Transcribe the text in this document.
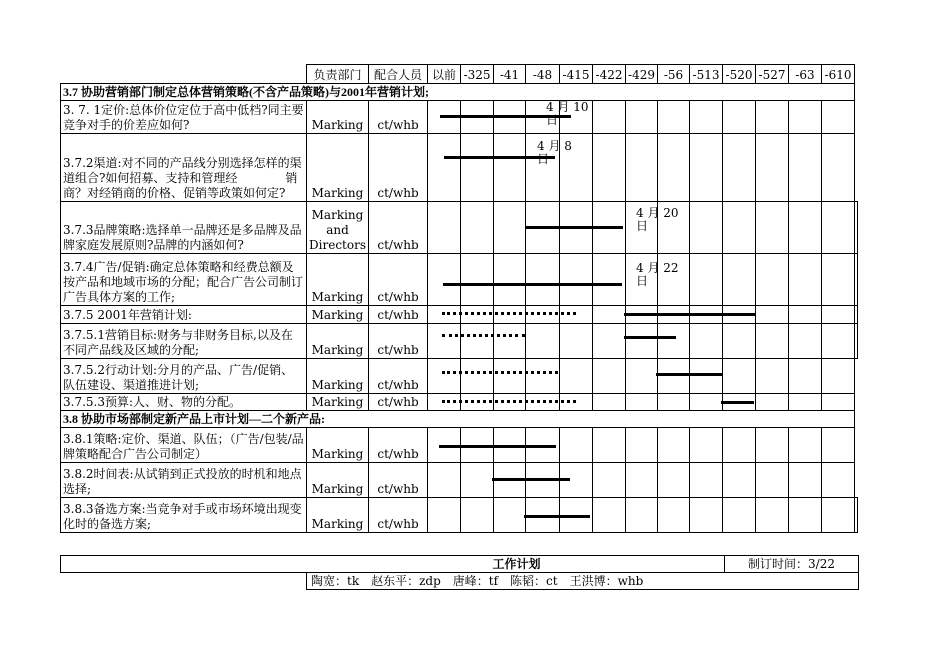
	负责部门	配合人员	以前	-325	-41	-48	-415	-422	-429	-56	-513	-520	-527	-63	-610	
3.7 协助营销部门制定总体营销策略(不含产品策略)与2001年营销计划;																
3. 7. 1定价:总体价位定位于高中低档?同主要竞争对手的价差应如何?	Marking	ct/whb				4 月 10 日										

3.7.2渠道:对不同的产品线分别选择怎样的渠道组合?如何招募、支持和管理经　　　　销商？对经销商的价格、促销等政策如何定?	Marking	ct/whb				4 月 8 日										

3.7.3品牌策略:选择单一品牌还是多品牌及品牌家庭发展原则?品牌的内涵如何?	Marking and Directors	ct/whb							4 月 20 日							

3.7.4广告/促销:确定总体策略和经费总额及按产品和地域市场的分配；配合广告公司制订广告具体方案的工作;	Marking	ct/whb							4 月 22 日							

3.7.5 2001年营销计划:	Marking	ct/whb	

3.7.5.1营销目标:财务与非财务目标,以及在不同产品线及区域的分配;	Marking	ct/whb	

3.7.5.2行动计划:分月的产品、广告/促销、队伍建设、渠道推进计划;	Marking	ct/whb		

3.7.5.3预算:人、财、物的分配。	Marking	ct/whb		

3.8 协助市场部制定新产品上市计划—二个新产品:																
3.8.1策略:定价、渠道、队伍；（广告/包装/品牌策略配合广告公司制定）	Marking	ct/whb		

3.8.2时间表:从试销到正式投放的时机和地点选择;	Marking	ct/whb				

3.8.3备选方案:当竞争对手或市场环境出现变化时的备选方案;	Marking	ct/whb				

工作计划		制订时间：3/22
	陶宽：tk　赵东平：zdp　唐峰：tf　陈韬：ct　王洪博：whb	
